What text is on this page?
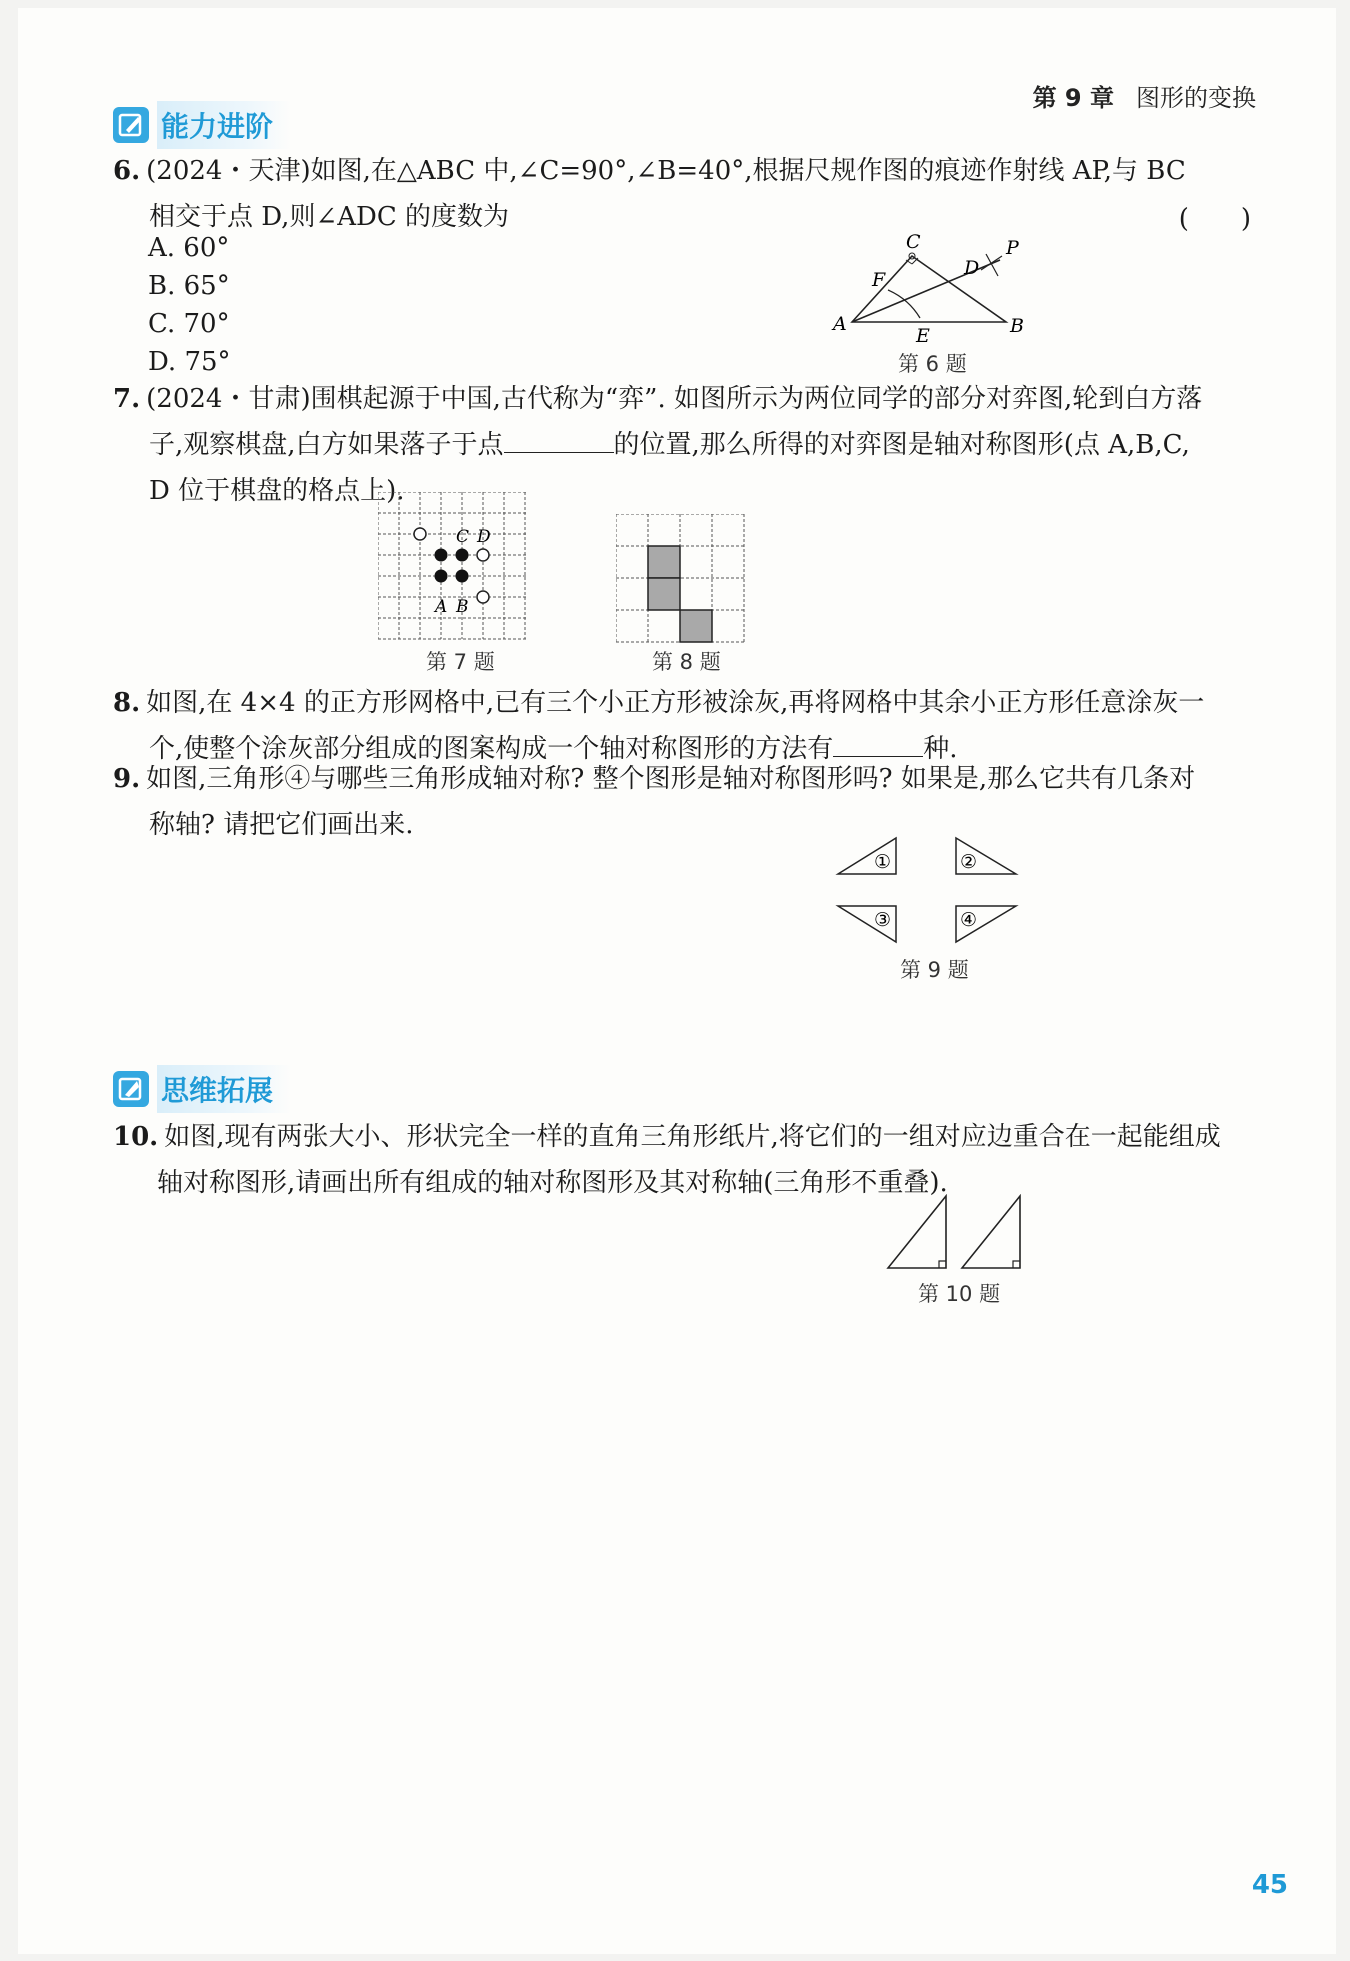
第 9 章 图形的变换
能力进阶
6. (2024・天津)如图,在△ABC 中,∠C=90°,∠B=40°,根据尺规作图的痕迹作射线 AP,与 BC
相交于点 D,则∠ADC 的度数为	(　　)
A. 60°
B. 65°
C. 70°
D. 75°
C
D
P
F
A
E	B
第 6 题
7. (2024・甘肃)围棋起源于中国,古代称为“弈”. 如图所示为两位同学的部分对弈图,轮到白方落
子,观察棋盘,白方如果落子于点	的位置,那么所得的对弈图是轴对称图形(点 A,B,C,
D 位于棋盘的格点上).
C D
A B
第 7 题	第 8 题
8. 如图,在 4×4 的正方形网格中,已有三个小正方形被涂灰,再将网格中其余小正方形任意涂灰一
个,使整个涂灰部分组成的图案构成一个轴对称图形的方法有	种.
9. 如图,三角形④与哪些三角形成轴对称? 整个图形是轴对称图形吗? 如果是,那么它共有几条对
称轴? 请把它们画出来.
①	②
③	④
第 9 题
思维拓展
10. 如图,现有两张大小、形状完全一样的直角三角形纸片,将它们的一组对应边重合在一起能组成
轴对称图形,请画出所有组成的轴对称图形及其对称轴(三角形不重叠).
第 10 题
45
